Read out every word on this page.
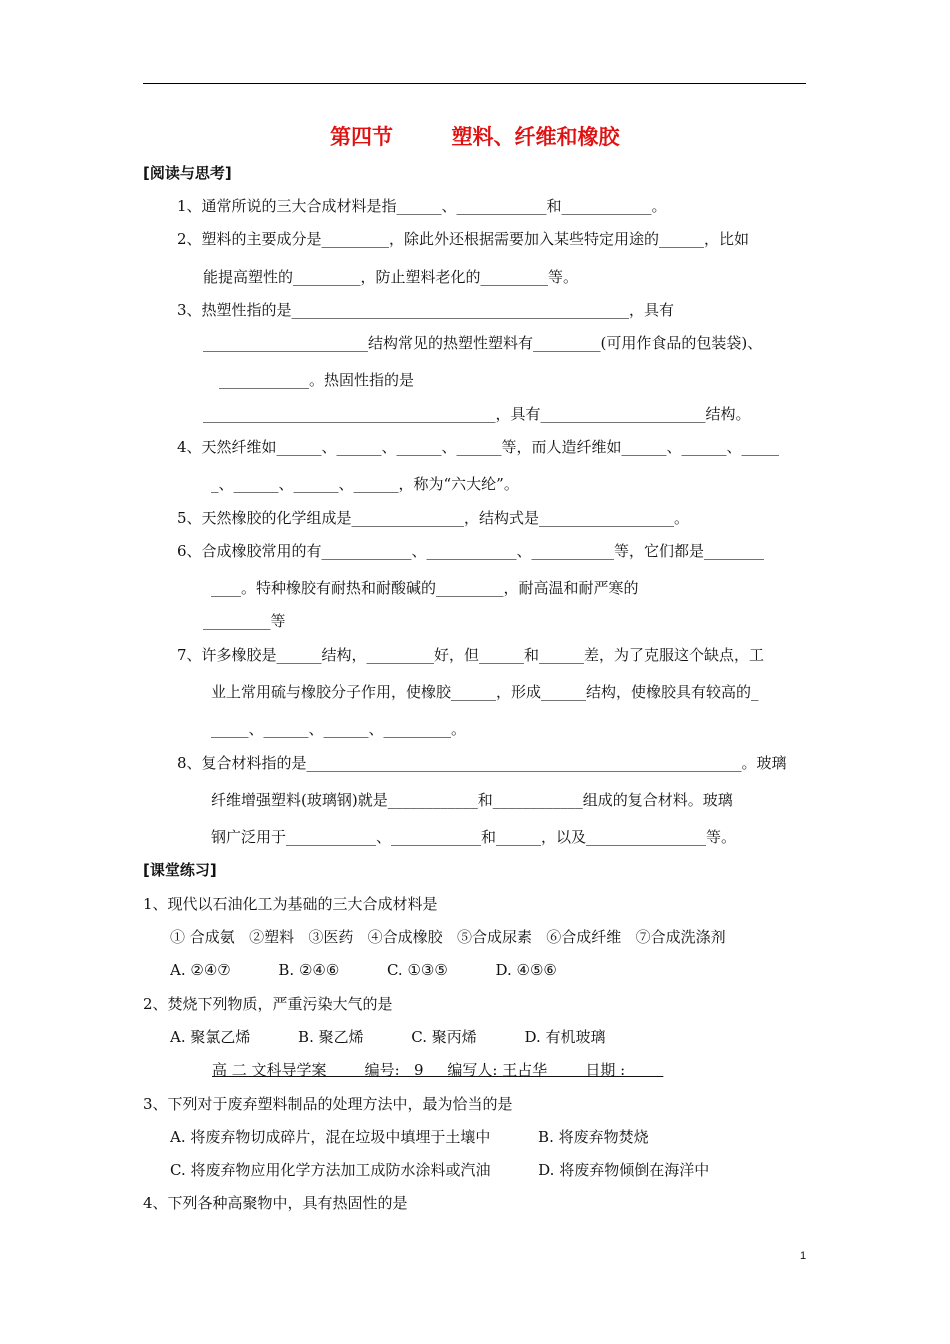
第四节        塑料、纤维和橡胶
[阅读与思考]
1、通常所说的三大合成材料是指______、____________和____________。
2、塑料的主要成分是_________，除此外还根据需要加入某些特定用途的______，比如
能提高塑性的_________，防止塑料老化的_________等。
3、热塑性指的是_____________________________________________，具有
______________________结构常见的热塑性塑料有_________(可用作食品的包装袋)、
____________。热固性指的是
_______________________________________，具有______________________结构。
4、天然纤维如______、______、______、______等，而人造纤维如______、______、_____
_、______、______、______，称为“六大纶”。
5、天然橡胶的化学组成是_______________，结构式是__________________。
6、合成橡胶常用的有____________、____________、___________等，它们都是________
____。特种橡胶有耐热和耐酸碱的_________，耐高温和耐严寒的
_________等
7、许多橡胶是______结构，_________好，但______和______差，为了克服这个缺点，工
业上常用硫与橡胶分子作用，使橡胶______，形成______结构，使橡胶具有较高的_
_____、______、______、_________。
8、复合材料指的是__________________________________________________________。玻璃
纤维增强塑料(玻璃钢)就是____________和____________组成的复合材料。玻璃
钢广泛用于____________、____________和______，以及________________等。
[课堂练习]
1、现代以石油化工为基础的三大合成材料是
① 合成氨   ②塑料   ③医药   ④合成橡胶   ⑤合成尿素   ⑥合成纤维   ⑦合成洗涤剂
A. ②④⑦          B. ②④⑥          C. ①③⑤          D. ④⑤⑥
2、焚烧下列物质，严重污染大气的是
A. 聚氯乙烯          B. 聚乙烯          C. 聚丙烯          D. 有机玻璃
高 二 文科导学案        编号:   9     编写人: 王占华        日期 :
3、下列对于废弃塑料制品的处理方法中，最为恰当的是
A. 将废弃物切成碎片，混在垃圾中填埋于土壤中          B. 将废弃物焚烧
C. 将废弃物应用化学方法加工成防水涂料或汽油          D. 将废弃物倾倒在海洋中
4、下列各种高聚物中，具有热固性的是
1
